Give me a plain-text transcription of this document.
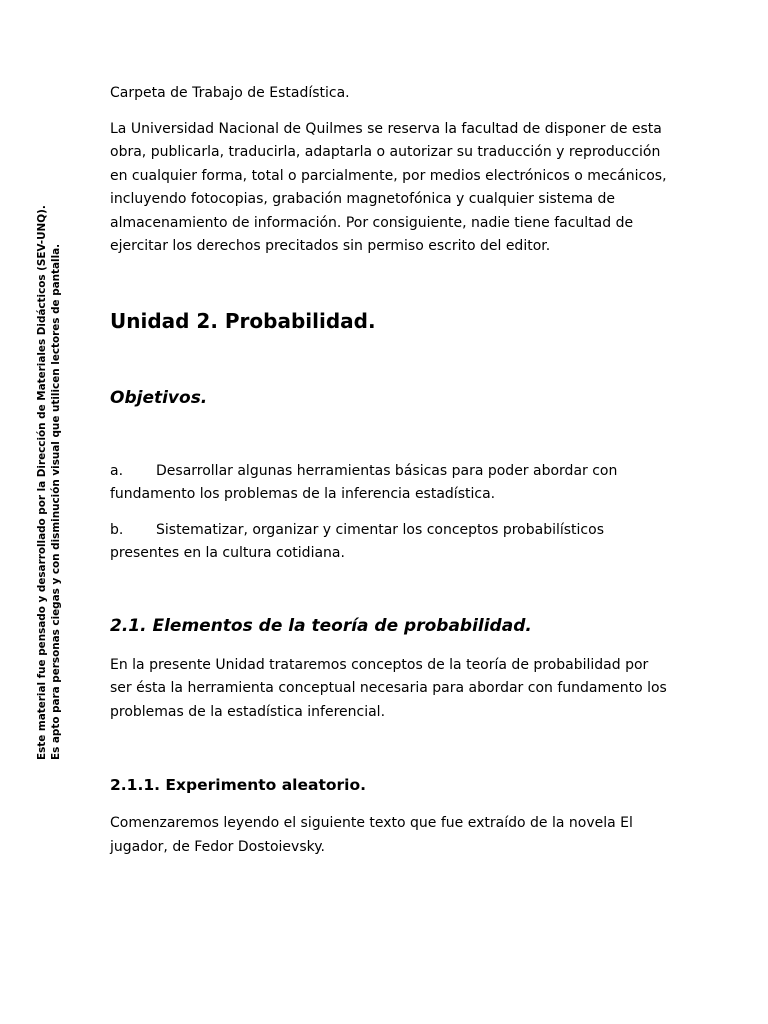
Este material fue pensado y desarrollado por la Dirección de Materiales Didácticos (SEV-UNQ). Es apto para personas ciegas y con disminución visual que utilicen lectores de pantalla.

Carpeta de Trabajo de Estadística.

La Universidad Nacional de Quilmes se reserva la facultad de disponer de esta obra, publicarla, traducirla, adaptarla o autorizar su traducción y reproducción en cualquier forma, total o parcialmente, por medios electrónicos o mecánicos, incluyendo fotocopias, grabación magnetofónica y cualquier sistema de almacenamiento de información. Por consiguiente, nadie tiene facultad de ejercitar los derechos precitados sin permiso escrito del editor.

Unidad 2. Probabilidad.
Objetivos.

a. Desarrollar algunas herramientas básicas para poder abordar con fundamento los problemas de la inferencia estadística.

b. Sistematizar, organizar y cimentar los conceptos probabilísticos presentes en la cultura cotidiana.

2.1. Elementos de la teoría de probabilidad.

En la presente Unidad trataremos conceptos de la teoría de probabilidad por ser ésta la herramienta conceptual necesaria para abordar con fundamento los problemas de la estadística inferencial.

2.1.1. Experimento aleatorio.

Comenzaremos leyendo el siguiente texto que fue extraído de la novela El jugador, de Fedor Dostoievsky.
